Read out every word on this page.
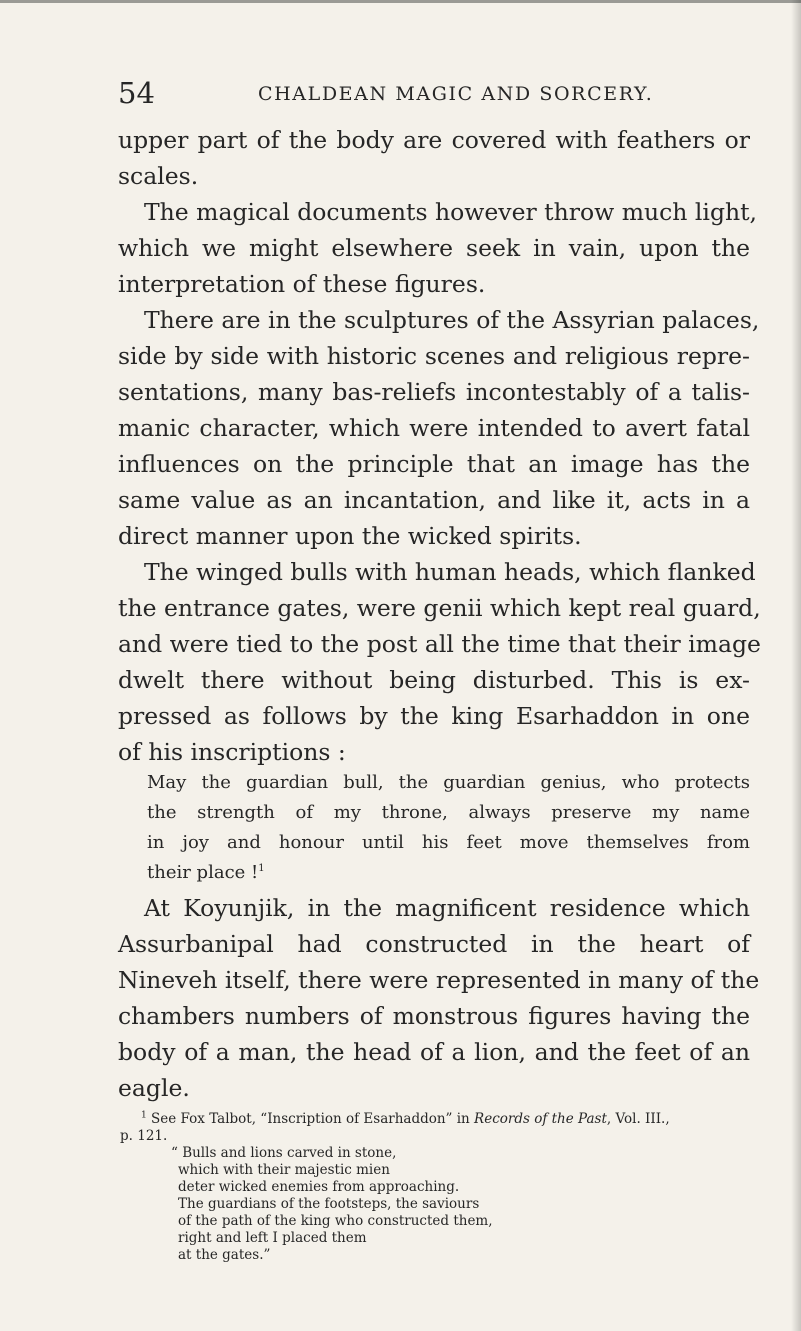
54	CHALDEAN MAGIC AND SORCERY.
upper part of the body are covered with feathers or
scales.
The magical documents however throw much light,
which we might elsewhere seek in vain, upon the
interpretation of these figures.
There are in the sculptures of the Assyrian palaces,
side by side with historic scenes and religious repre-
sentations, many bas-reliefs incontestably of a talis-
manic character, which were intended to avert fatal
influences on the principle that an image has the
same value as an incantation, and like it, acts in a
direct manner upon the wicked spirits.
The winged bulls with human heads, which flanked
the entrance gates, were genii which kept real guard,
and were tied to the post all the time that their image
dwelt there without being disturbed. This is ex-
pressed as follows by the king Esarhaddon in one
of his inscriptions :
May the guardian bull, the guardian genius, who protects
the strength of my throne, always preserve my name
in joy and honour until his feet move themselves from
their place !$^1$
At Koyunjik, in the magnificent residence which
Assurbanipal had constructed in the heart of
Nineveh itself, there were represented in many of the
chambers numbers of monstrous figures having the
body of a man, the head of a lion, and the feet of an
eagle.
$^1$ See Fox Talbot, “Inscription of Esarhaddon” in Records of the Past, Vol. III.,
p. 121.
“ Bulls and lions carved in stone,
which with their majestic mien
deter wicked enemies from approaching.
The guardians of the footsteps, the saviours
of the path of the king who constructed them,
right and left I placed them
at the gates.”
